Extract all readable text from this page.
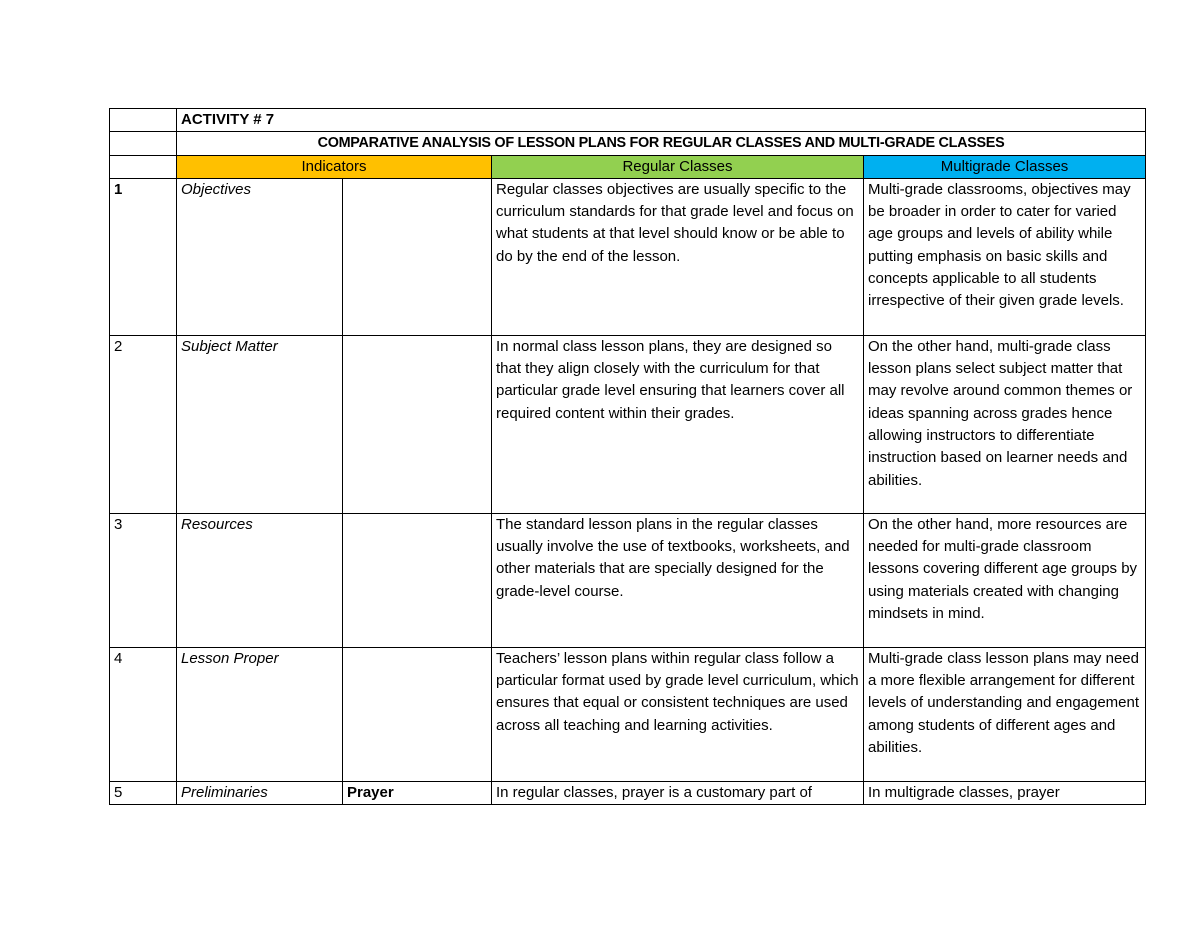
	ACTIVITY # 7			
	COMPARATIVE ANALYSIS OF LESSON PLANS FOR REGULAR CLASSES AND MULTI-GRADE CLASSES			
	Indicators		Regular Classes	Multigrade Classes
1	Objectives		Regular classes objectives are usually specific to the curriculum standards for that grade level and focus on what students at that level should know or be able to do by the end of the lesson.	Multi-grade classrooms, objectives may be broader in order to cater for varied age groups and levels of ability while putting emphasis on basic skills and concepts applicable to all students irrespective of their given grade levels.
2	Subject Matter		In normal class lesson plans, they are designed so that they align closely with the curriculum for that particular grade level ensuring that learners cover all required content within their grades.	On the other hand, multi-grade class lesson plans select subject matter that may revolve around common themes or ideas spanning across grades hence allowing instructors to differentiate instruction based on learner needs and abilities.
3	Resources		The standard lesson plans in the regular classes usually involve the use of textbooks, worksheets, and other materials that are specially designed for the grade-level course.	On the other hand, more resources are needed for multi-grade classroom lessons covering different age groups by using materials created with changing mindsets in mind.
4	Lesson Proper		Teachers’ lesson plans within regular class follow a particular format used by grade level curriculum, which ensures that equal or consistent techniques are used across all teaching and learning activities.	Multi-grade class lesson plans may need a more flexible arrangement for different levels of understanding and engagement among students of different ages and abilities.
5	Preliminaries	Prayer	In regular classes, prayer is a customary part of	In multigrade classes, prayer
